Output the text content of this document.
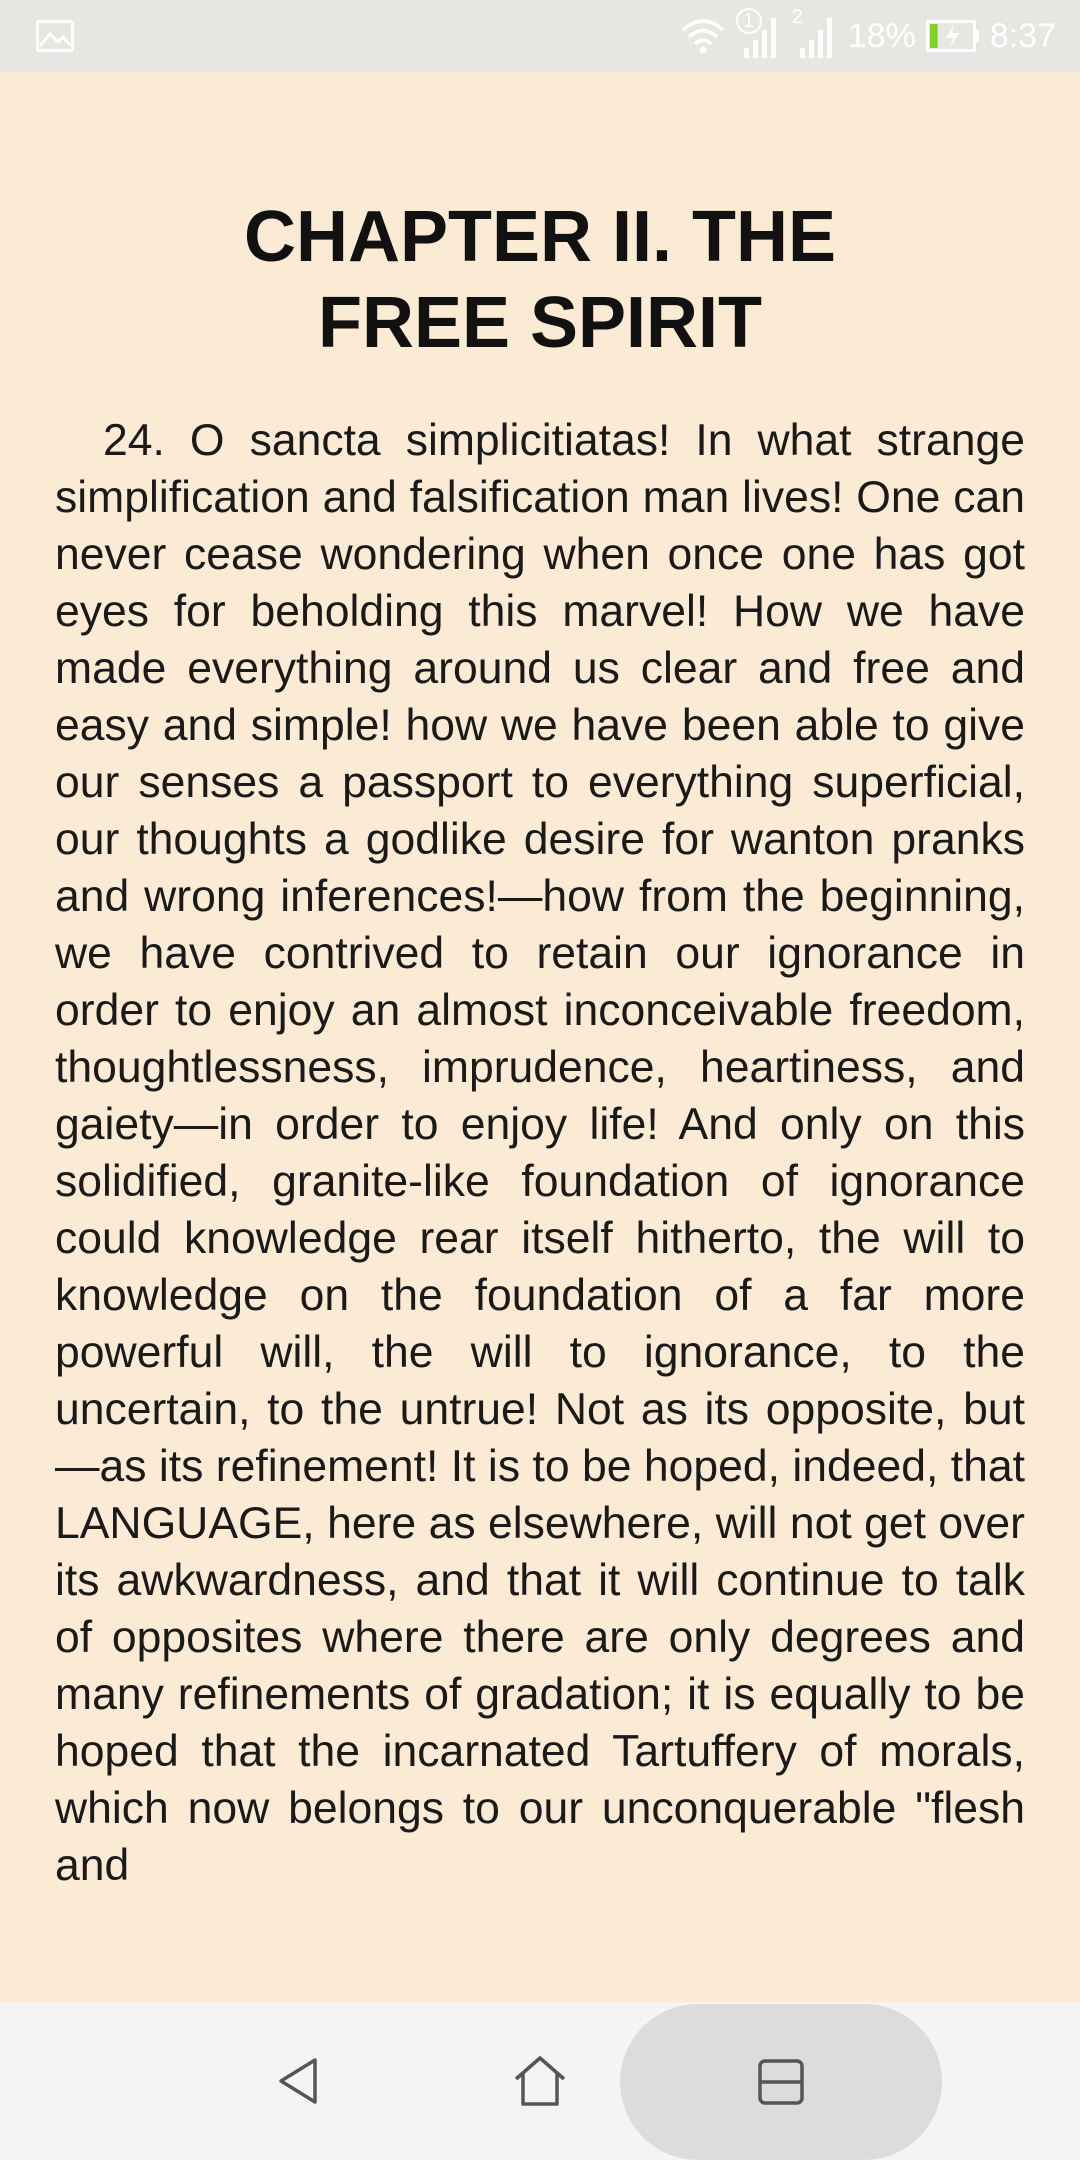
1	2 18% 8:37
CHAPTER II. THE
FREE SPIRIT

24. O sancta simplicitiatas! In what strange simplification and falsification man lives! One can never cease wondering when once one has got eyes for beholding this marvel! How we have made everything around us clear and free and easy and simple! how we have been able to give our senses a passport to everything superficial, our thoughts a godlike desire for wanton pranks and wrong inferences!—how from the beginning, we have contrived to retain our ignorance in order to enjoy an almost inconceivable freedom, thoughtlessness, imprudence, heartiness, and gaiety—in order to enjoy life! And only on this solidified, granite-like foundation of ignorance could knowledge rear itself hitherto, the will to knowledge on the foundation of a far more powerful will, the will to ignorance, to the uncertain, to the untrue! Not as its opposite, but—as its refinement! It is to be hoped, indeed, that LANGUAGE, here as elsewhere, will not get over its awkwardness, and that it will continue to talk of opposites where there are only degrees and many refinements of gradation; it is equally to be hoped that the incarnated Tartuffery of morals, which now belongs to our unconquerable "flesh and
